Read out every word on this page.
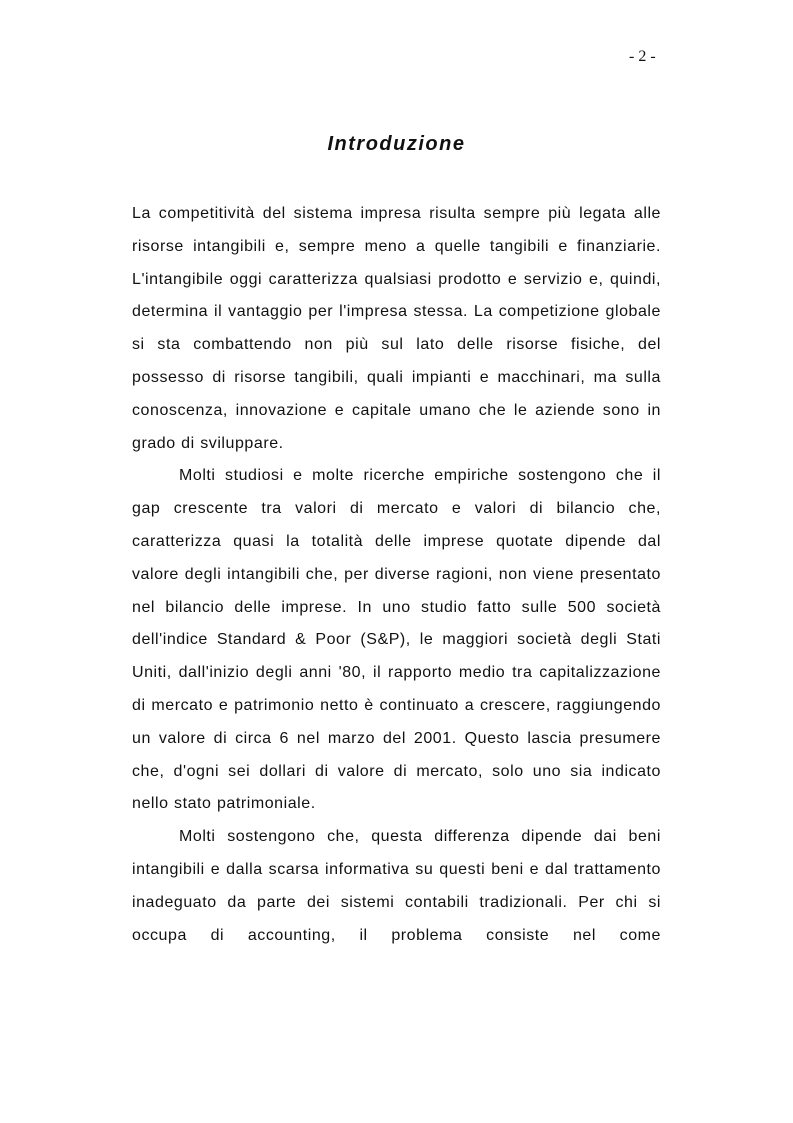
- 2 -
Introduzione

La competitività del sistema impresa risulta sempre più legata alle risorse intangibili e, sempre meno a quelle tangibili e finanziarie. L'intangibile oggi caratterizza qualsiasi prodotto e servizio e, quindi, determina il vantaggio per l'impresa stessa. La competizione globale si sta combattendo non più sul lato delle risorse fisiche, del possesso di risorse tangibili, quali impianti e macchinari, ma sulla conoscenza, innovazione e capitale umano che le aziende sono in grado di sviluppare.

Molti studiosi e molte ricerche empiriche sostengono che il gap crescente tra valori di mercato e valori di bilancio che, caratterizza quasi la totalità delle imprese quotate dipende dal valore degli intangibili che, per diverse ragioni, non viene presentato nel bilancio delle imprese. In uno studio fatto sulle 500 società dell'indice Standard & Poor (S&P), le maggiori società degli Stati Uniti, dall'inizio degli anni '80, il rapporto medio tra capitalizzazione di mercato e patrimonio netto è continuato a crescere, raggiungendo un valore di circa 6 nel marzo del 2001. Questo lascia presumere che, d'ogni sei dollari di valore di mercato, solo uno sia indicato nello stato patrimoniale.

Molti sostengono che, questa differenza dipende dai beni intangibili e dalla scarsa informativa su questi beni e dal trattamento inadeguato da parte dei sistemi contabili tradizionali. Per chi si occupa di accounting, il problema consiste nel come
